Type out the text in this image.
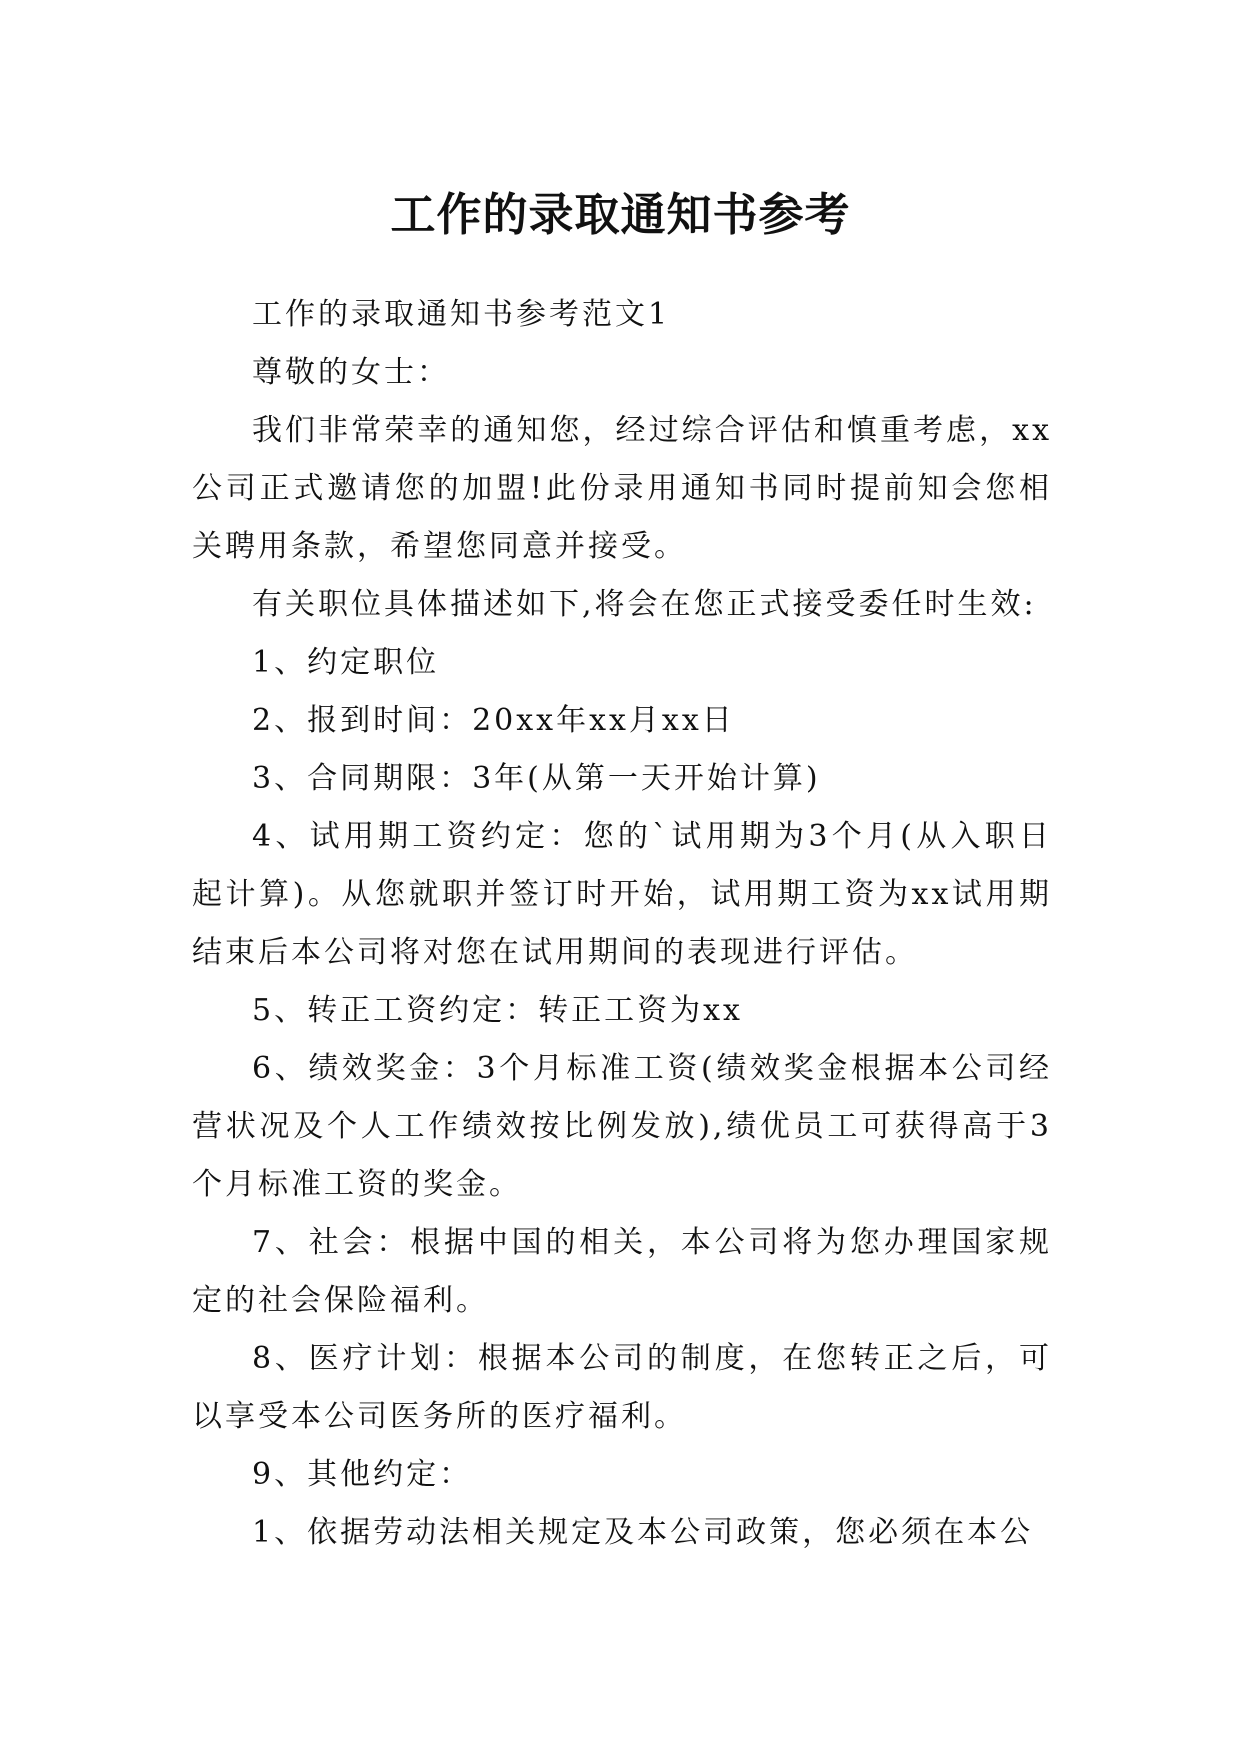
工作的录取通知书参考

工作的录取通知书参考范文1

尊敬的女士：

我们非常荣幸的通知您，经过综合评估和慎重考虑，xx公司正式邀请您的加盟!此份录用通知书同时提前知会您相关聘用条款，希望您同意并接受。

有关职位具体描述如下,将会在您正式接受委任时生效:

1、约定职位

2、报到时间：20xx年xx月xx日

3、合同期限：3年(从第一天开始计算)

4、试用期工资约定：您的`试用期为3个月(从入职日起计算)。从您就职并签订时开始，试用期工资为xx试用期结束后本公司将对您在试用期间的表现进行评估。

5、转正工资约定：转正工资为xx

6、绩效奖金：3个月标准工资(绩效奖金根据本公司经营状况及个人工作绩效按比例发放),绩优员工可获得高于3个月标准工资的奖金。

7、社会：根据中国的相关，本公司将为您办理国家规定的社会保险福利。

8、医疗计划：根据本公司的制度，在您转正之后，可以享受本公司医务所的医疗福利。

9、其他约定：

1、依据劳动法相关规定及本公司政策，您必须在本公
